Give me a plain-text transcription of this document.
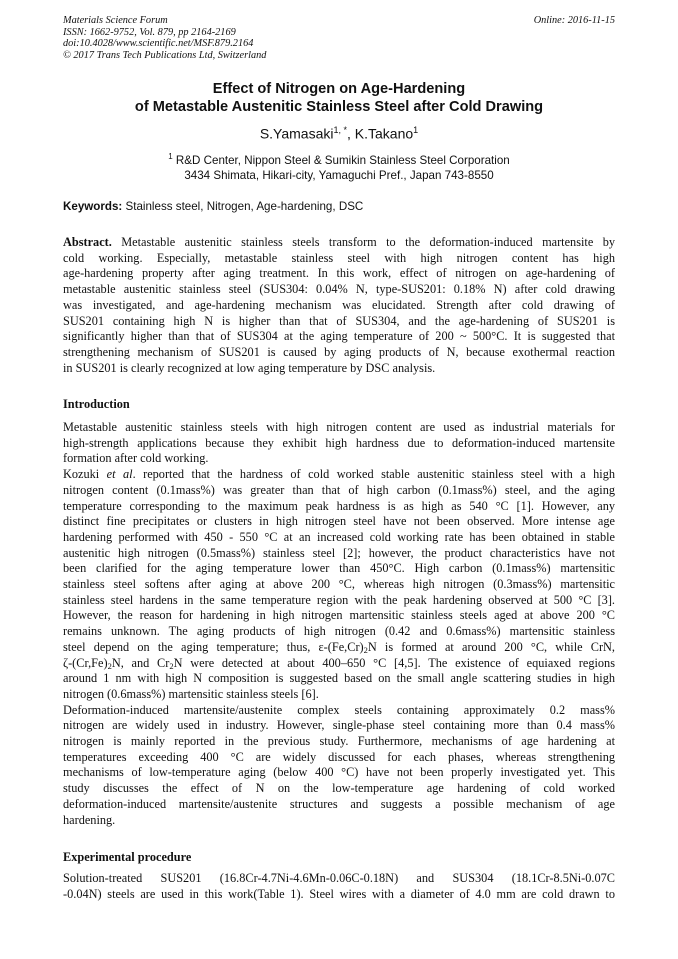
Materials Science Forum
ISSN: 1662-9752, Vol. 879, pp 2164-2169
doi:10.4028/www.scientific.net/MSF.879.2164
© 2017 Trans Tech Publications Ltd, Switzerland
Online: 2016-11-15
Effect of Nitrogen on Age-Hardening
of Metastable Austenitic Stainless Steel after Cold Drawing
S.Yamasaki$^{1, *}$, K.Takano$^1$
$^1$ R&D Center, Nippon Steel & Sumikin Stainless Steel Corporation
3434 Shimata, Hikari-city, Yamaguchi Pref., Japan 743-8550
Keywords: Stainless steel, Nitrogen, Age-hardening, DSC
Abstract. Metastable austenitic stainless steels transform to the deformation-induced martensite by
cold working. Especially, metastable stainless steel with high nitrogen content has high
age-hardening property after aging treatment. In this work, effect of nitrogen on age-hardening of
metastable austenitic stainless steel (SUS304: 0.04% N, type-SUS201: 0.18% N) after cold drawing
was investigated, and age-hardening mechanism was elucidated. Strength after cold drawing of
SUS201 containing high N is higher than that of SUS304, and the age-hardening of SUS201 is
significantly higher than that of SUS304 at the aging temperature of 200 ~ 500°C. It is suggested that
strengthening mechanism of SUS201 is caused by aging products of N, because exothermal reaction
in SUS201 is clearly recognized at low aging temperature by DSC analysis.
Introduction
Metastable austenitic stainless steels with high nitrogen content are used as industrial materials for
high-strength applications because they exhibit high hardness due to deformation-induced martensite
formation after cold working.
Kozuki et al. reported that the hardness of cold worked stable austenitic stainless steel with a high
nitrogen content (0.1mass%) was greater than that of high carbon (0.1mass%) steel, and the aging
temperature corresponding to the maximum peak hardness is as high as 540 °C [1]. However, any
distinct fine precipitates or clusters in high nitrogen steel have not been observed. More intense age
hardening performed with 450 - 550 °C at an increased cold working rate has been obtained in stable
austenitic high nitrogen (0.5mass%) stainless steel [2]; however, the product characteristics have not
been clarified for the aging temperature lower than 450°C. High carbon (0.1mass%) martensitic
stainless steel softens after aging at above 200 °C, whereas high nitrogen (0.3mass%) martensitic
stainless steel hardens in the same temperature region with the peak hardening observed at 500 °C [3].
However, the reason for hardening in high nitrogen martensitic stainless steels aged at above 200 °C
remains unknown. The aging products of high nitrogen (0.42 and 0.6mass%) martensitic stainless
steel depend on the aging temperature; thus, $\varepsilon-(Fe,Cr)_2N$ is formed at around 200 °C, while CrN,
$\zeta-(Cr,Fe)_2N$, and $Cr_2N$ were detected at about 400–650 °C [4,5]. The existence of equiaxed regions
around 1 nm with high N composition is suggested based on the small angle scattering studies in high
nitrogen (0.6mass%) martensitic stainless steels [6].
Deformation-induced martensite/austenite complex steels containing approximately 0.2 mass%
nitrogen are widely used in industry. However, single-phase steel containing more than 0.4 mass%
nitrogen is mainly reported in the previous study. Furthermore, mechanisms of age hardening at
temperatures exceeding 400 °C are widely discussed for each phases, whereas strengthening
mechanisms of low-temperature aging (below 400 °C) have not been properly investigated yet. This
study discusses the effect of N on the low-temperature age hardening of cold worked
deformation-induced martensite/austenite structures and suggests a possible mechanism of age
hardening.
Experimental procedure
Solution-treated SUS201 (16.8Cr-4.7Ni-4.6Mn-0.06C-0.18N) and SUS304 (18.1Cr-8.5Ni-0.07C
-0.04N) steels are used in this work(Table 1). Steel wires with a diameter of 4.0 mm are cold drawn to
